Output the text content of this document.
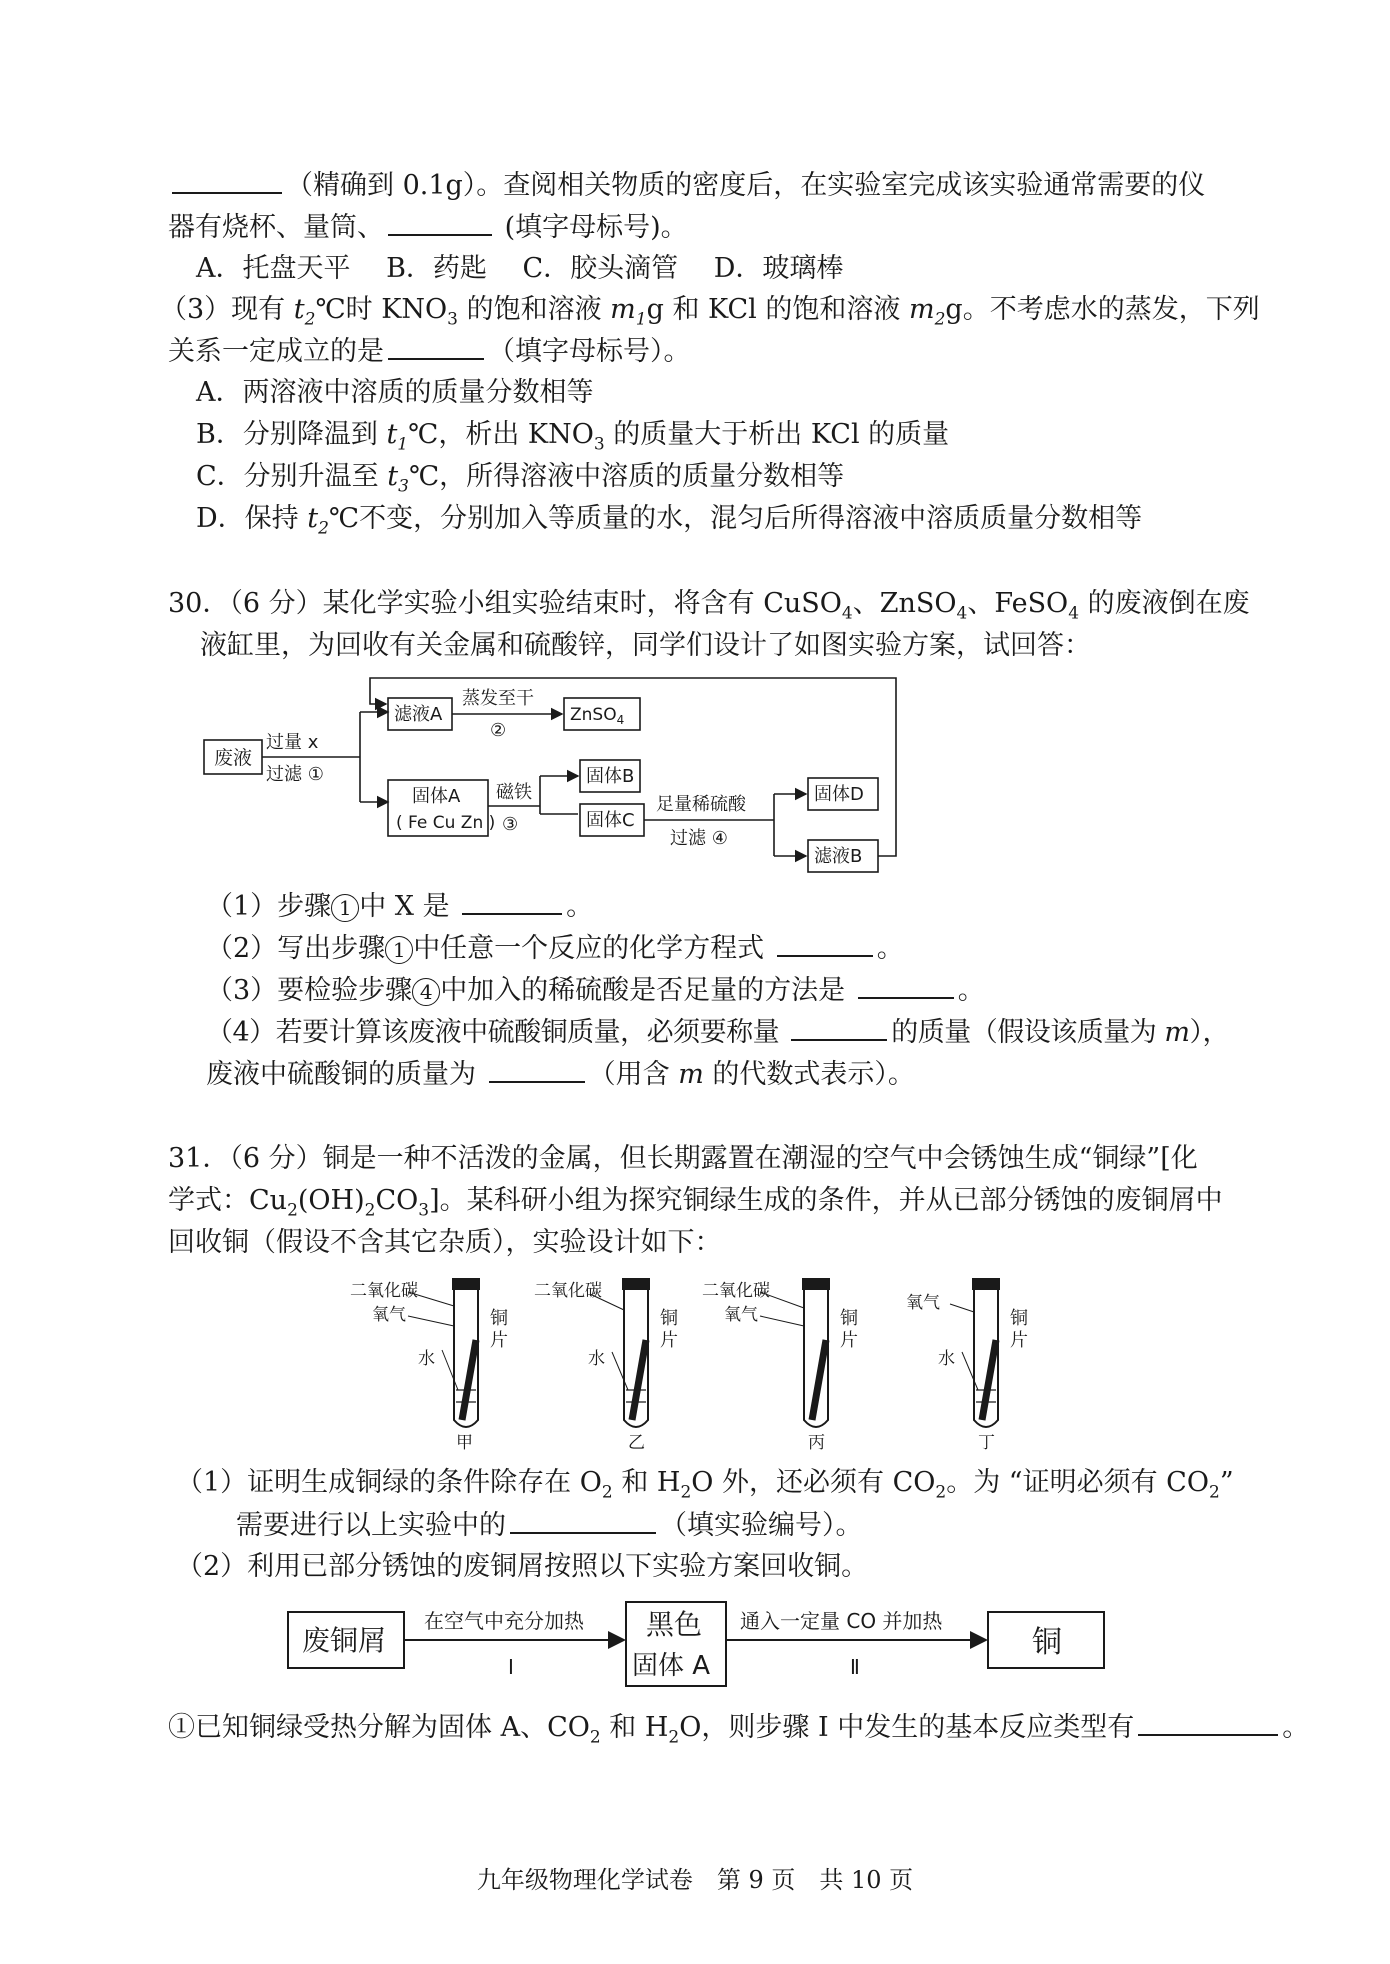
（精确到 0.1g）。查阅相关物质的密度后，在实验室完成该实验通常需要的仪
器有烧杯、量筒、	(填字母标号)。
A．托盘天平　 B．药匙　 C．胶头滴管　 D．玻璃棒
（3）现有 $t_2℃$时 $KNO_3$ 的饱和溶液 $m_1g$ 和 KCl 的饱和溶液 $m_2g$。不考虑水的蒸发，下列
关系一定成立的是	（填字母标号）。
A．两溶液中溶质的质量分数相等
B．分别降温到 $t_1℃$，析出 $KNO_3$ 的质量大于析出 KCl 的质量
C．分别升温至 $t_3℃$，所得溶液中溶质的质量分数相等
D．保持 $t_2℃$不变，分别加入等质量的水，混匀后所得溶液中溶质质量分数相等
30．（6 分）某化学实验小组实验结束时，将含有 CuSO$_4$、ZnSO$_4$、FeSO$_4$ 的废液倒在废
液缸里，为回收有关金属和硫酸锌，同学们设计了如图实验方案，试回答：
废液
过量 x
过滤 ①
滤液A
蒸发至干
②
ZnSO$_4$
固体A
( Fe Cu Zn )
磁铁
③
固体B
固体C
足量稀硫酸
过滤 ④
固体D
滤液B
（1）步骤 1 中 X 是	。
（2）写出步骤 1 中任意一个反应的化学方程式	。
（3）要检验步骤 4 中加入的稀硫酸是否足量的方法是	。
（4）若要计算该废液中硫酸铜质量，必须要称量	的质量（假设该质量为 m），
废液中硫酸铜的质量为	（用含 m 的代数式表示）。
31．（6 分）铜是一种不活泼的金属，但长期露置在潮湿的空气中会锈蚀生成“铜绿”[化
学式：$Cu_2(OH)_2CO_3$]。某科研小组为探究铜绿生成的条件，并从已部分锈蚀的废铜屑中
回收铜（假设不含其它杂质），实验设计如下：
二氧化碳
氧气
水
铜
片
甲
二氧化碳
水
铜
片
乙
二氧化碳
氧气	铜
片
丙
氧气
水
铜
片
丁
（1）证明生成铜绿的条件除存在 $O_2$ 和 $H_2O$ 外，还必须有 $CO_2$。为 “证明必须有 $CO_2$”
需要进行以上实验中的	（填实验编号）。
（2）利用已部分锈蚀的废铜屑按照以下实验方案回收铜。
废铜屑
在空气中充分加热
I
黑色
固体 A
通入一定量 CO 并加热
Ⅱ
铜
①已知铜绿受热分解为固体 A、$CO_2$ 和 $H_2O$，则步骤 I 中发生的基本反应类型有	。
九年级物理化学试卷　第 9 页　共 10 页
